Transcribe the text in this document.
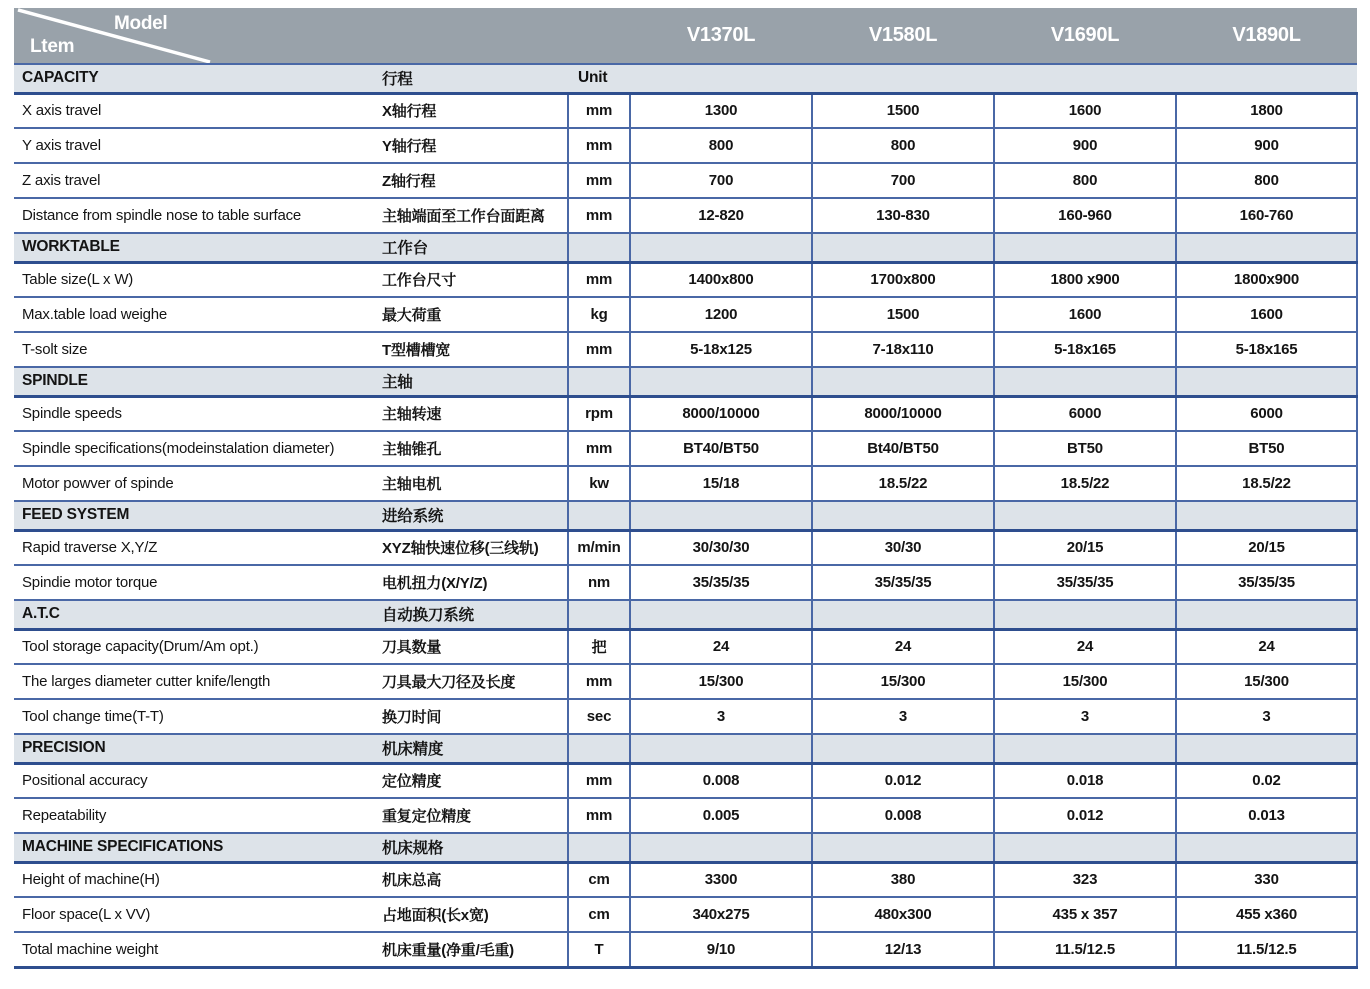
Model
Ltem			V1370L	V1580L	V1690L	V1890L
CAPACITY	行程	Unit				
X axis travel	X轴行程	mm	1300	1500	1600	1800
Y axis travel	Y轴行程	mm	800	800	900	900
Z axis travel	Z轴行程	mm	700	700	800	800
Distance from spindle nose to table surface	主轴端面至工作台面距离	mm	12-820	130-830	160-960	160-760
WORKTABLE	工作台					
Table size(L x W)	工作台尺寸	mm	1400x800	1700x800	1800 x900	1800x900
Max.table load weighe	最大荷重	kg	1200	1500	1600	1600
T-solt size	T型槽槽宽	mm	5-18x125	7-18x110	5-18x165	5-18x165
SPINDLE	主轴					
Spindle speeds	主轴转速	rpm	8000/10000	8000/10000	6000	6000
Spindle specifications(modeinstalation diameter)	主轴锥孔	mm	BT40/BT50	Bt40/BT50	BT50	BT50
Motor powver of spinde	主轴电机	kw	15/18	18.5/22	18.5/22	18.5/22
FEED SYSTEM	进给系统					
Rapid traverse X,Y/Z	XYZ轴快速位移(三线轨)	m/min	30/30/30	30/30	20/15	20/15
Spindie motor torque	电机扭力(X/Y/Z)	nm	35/35/35	35/35/35	35/35/35	35/35/35
A.T.C	自动换刀系统					
Tool storage capacity(Drum/Am opt.)	刀具数量	把	24	24	24	24
The larges diameter cutter knife/length	刀具最大刀径及长度	mm	15/300	15/300	15/300	15/300
Tool change time(T-T)	换刀时间	sec	3	3	3	3
PRECISION	机床精度					
Positional accuracy	定位精度	mm	0.008	0.012	0.018	0.02
Repeatability	重复定位精度	mm	0.005	0.008	0.012	0.013
MACHINE SPECIFICATIONS	机床规格					
Height of machine(H)	机床总高	cm	3300	380	323	330
Floor space(L x VV)	占地面积(长x宽)	cm	340x275	480x300	435 x 357	455 x360
Total machine weight	机床重量(净重/毛重)	T	9/10	12/13	11.5/12.5	11.5/12.5
